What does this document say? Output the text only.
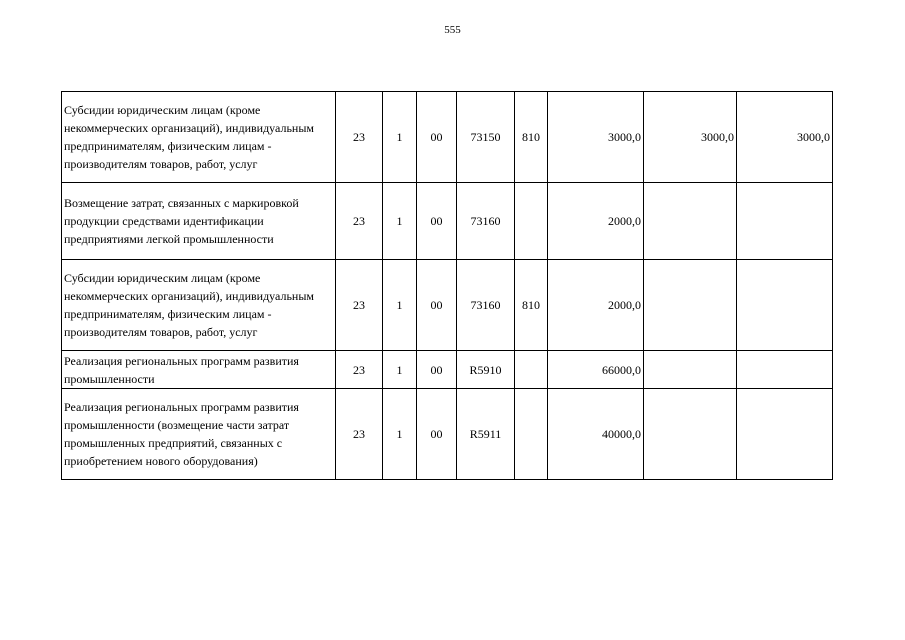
555
Субсидии юридическим лицам (кроме некоммерческих организаций), индивидуальным предпринимателям, физическим лицам - производителям товаров, работ, услуг	23	1	00	73150	810	3000,0	3000,0	3000,0
Возмещение затрат, связанных с маркировкой продукции средствами идентификации предприятиями легкой промышленности	23	1	00	73160		2000,0		
Субсидии юридическим лицам (кроме некоммерческих организаций), индивидуальным предпринимателям, физическим лицам - производителям товаров, работ, услуг	23	1	00	73160	810	2000,0		
Реализация региональных программ развития промышленности	23	1	00	R5910		66000,0		
Реализация региональных программ развития промышленности (возмещение части затрат промышленных предприятий, связанных с приобретением нового оборудования)	23	1	00	R5911		40000,0		
